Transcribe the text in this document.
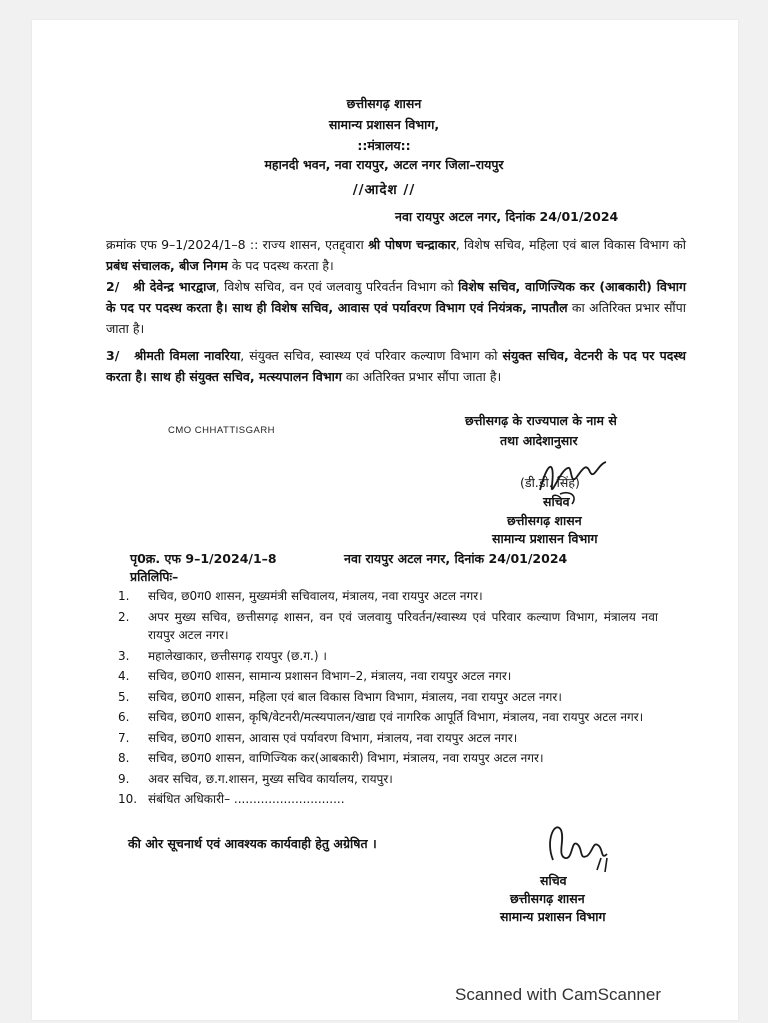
छत्तीसगढ़ शासन
सामान्य प्रशासन विभाग,
::मंत्रालय::
महानदी भवन, नवा रायपुर, अटल नगर जिला–रायपुर
//आदेश //
नवा रायपुर अटल नगर, दिनांक 24/01/2024
क्रमांक एफ 9–1/2024/1–8 :: राज्य शासन, एतद्द्वारा श्री पोषण चन्द्राकार, विशेष सचिव, महिला एवं बाल विकास विभाग को प्रबंध संचालक, बीज निगम के पद पदस्थ करता है।
2/ श्री देवेन्द्र भारद्वाज, विशेष सचिव, वन एवं जलवायु परिवर्तन विभाग को विशेष सचिव, वाणिज्यिक कर (आबकारी) विभाग के पद पर पदस्थ करता है। साथ ही विशेष सचिव, आवास एवं पर्यावरण विभाग एवं नियंत्रक, नापतौल का अतिरिक्त प्रभार सौंपा जाता है।
3/ श्रीमती विमला नावरिया, संयुक्त सचिव, स्वास्थ्य एवं परिवार कल्याण विभाग को संयुक्त सचिव, वेटनरी के पद पर पदस्थ करता है। साथ ही संयुक्त सचिव, मत्स्यपालन विभाग का अतिरिक्त प्रभार सौंपा जाता है।
CMO CHHATTISGARH
छत्तीसगढ़ के राज्यपाल के नाम से
तथा आदेशानुसार
(डी.डी. सिंह)
सचिव
छत्तीसगढ़ शासन
सामान्य प्रशासन विभाग
पृ0क्र. एफ 9–1/2024/1–8	नवा रायपुर अटल नगर, दिनांक 24/01/2024
प्रतिलिपिः–
1.	सचिव, छ0ग0 शासन, मुख्यमंत्री सचिवालय, मंत्रालय, नवा रायपुर अटल नगर।
2.	अपर मुख्य सचिव, छत्तीसगढ़ शासन, वन एवं जलवायु परिवर्तन/स्वास्थ्य एवं परिवार कल्याण विभाग, मंत्रालय नवा रायपुर अटल नगर।
3.	महालेखाकार, छत्तीसगढ़ रायपुर (छ.ग.) ।
4.	सचिव, छ0ग0 शासन, सामान्य प्रशासन विभाग–2, मंत्रालय, नवा रायपुर अटल नगर।
5.	सचिव, छ0ग0 शासन, महिला एवं बाल विकास विभाग विभाग, मंत्रालय, नवा रायपुर अटल नगर।
6.	सचिव, छ0ग0 शासन, कृषि/वेटनरी/मत्स्यपालन/खाद्य एवं नागरिक आपूर्ति विभाग, मंत्रालय, नवा रायपुर अटल नगर।
7.	सचिव, छ0ग0 शासन, आवास एवं पर्यावरण विभाग, मंत्रालय, नवा रायपुर अटल नगर।
8.	सचिव, छ0ग0 शासन, वाणिज्यिक कर(आबकारी) विभाग, मंत्रालय, नवा रायपुर अटल नगर।
9.	अवर सचिव, छ.ग.शासन, मुख्य सचिव कार्यालय, रायपुर।
10. संबंधित अधिकारी– .............................
की ओर सूचनार्थ एवं आवश्यक कार्यवाही हेतु अग्रेषित ।
सचिव
छत्तीसगढ़ शासन
सामान्य प्रशासन विभाग
Scanned with CamScanner
